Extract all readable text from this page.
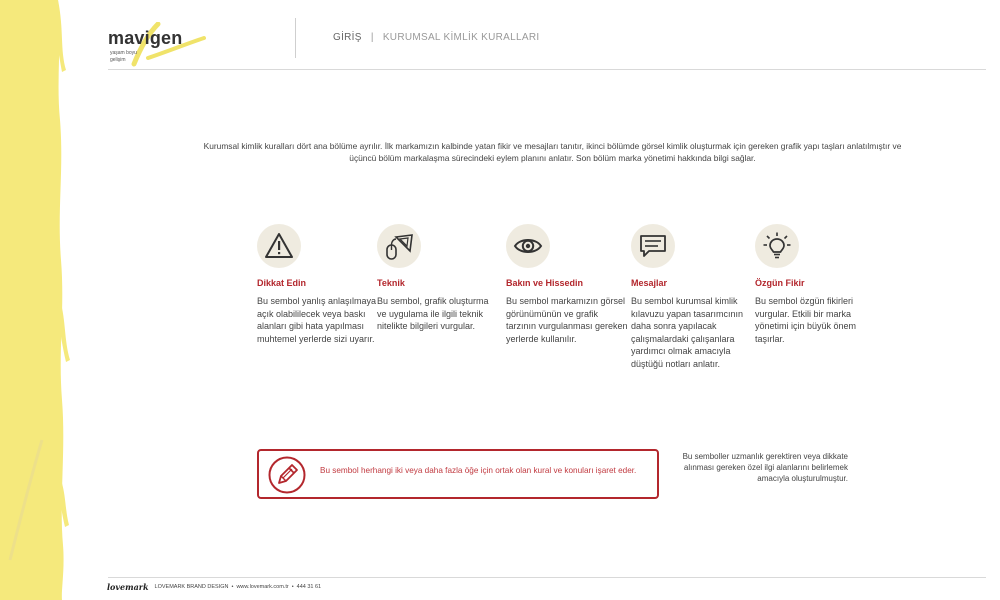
mavigen
yaşam boyu
gelişim
GİRİŞ | KURUMSAL KİMLİK KURALLARI
Kurumsal kimlik kuralları dört ana bölüme ayrılır. İlk markamızın kalbinde yatan fikir ve mesajları tanıtır, ikinci bölümde görsel kimlik oluşturmak için gereken grafik yapı taşları anlatılmıştır ve üçüncü bölüm markalaşma sürecindeki eylem planını anlatır. Son bölüm marka yönetimi hakkında bilgi sağlar.
Dikkat Edin
Bu sembol yanlış anlaşılmaya açık olabililecek veya baskı alanları gibi hata yapılması muhtemel yerlerde sizi uyarır.
Teknik
Bu sembol, grafik oluşturma ve uygulama ile ilgili teknik nitelikte bilgileri vurgular.
Bakın ve Hissedin
Bu sembol markamızın görsel görünümünün ve grafik tarzının vurgulanması gereken yerlerde kullanılır.
Mesajlar
Bu sembol kurumsal kimlik kılavuzu yapan tasarımcının daha sonra yapılacak çalışmalardaki çalışanlara yardımcı olmak amacıyla düştüğü notları anlatır.
Özgün Fikir
Bu sembol özgün fikirleri vurgular. Etkili bir marka yönetimi için büyük önem taşırlar.
Bu sembol herhangi iki veya daha fazla öğe için ortak olan kural ve konuları işaret eder.
Bu semboller uzmanlık gerektiren veya dikkate alınması gereken özel ilgi alanlarını belirlemek amacıyla oluşturulmuştur.
lovemark LOVEMARK BRAND DESIGN • www.lovemark.com.tr • 444 31 61
